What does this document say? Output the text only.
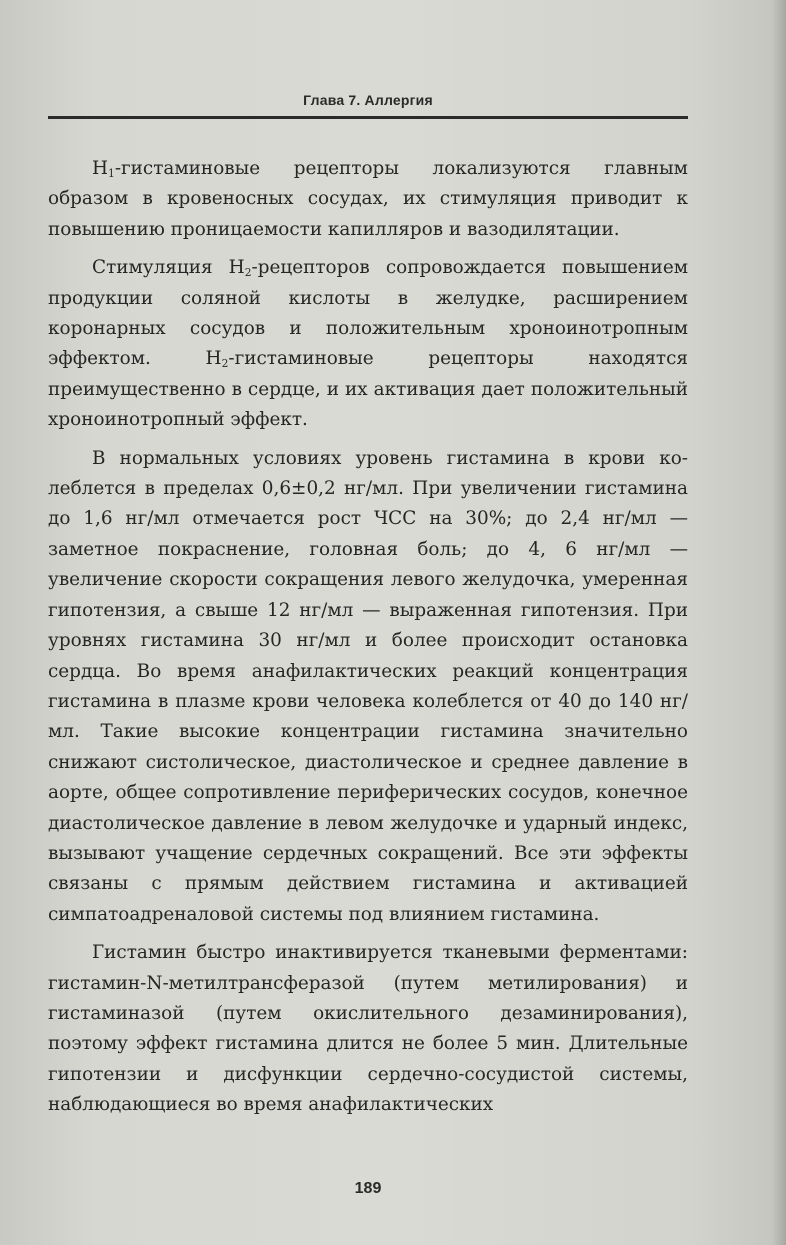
Глава 7. Аллергия

$H_1$-гистаминовые рецепторы локализуются главным образом в кровеносных сосудах, их стимуляция приводит к повышению проницаемости капилляров и вазодилятации.

Стимуляция $H_2$-рецепторов сопровождается повышением продукции соляной кислоты в желудке, расширением коронарных сосудов и положительным хроноинотропным эффектом. $H_2$-гистаминовые рецепторы находятся преимущественно в сердце, и их активация дает положительный хроноинотропный эффект.

В нормальных условиях уровень гистамина в крови колеблется в пределах 0,6±0,2 нг/мл. При увеличении гистамина до 1,6 нг/мл отмечается рост ЧСС на 30%; до 2,4 нг/​мл — заметное покраснение, головная боль; до 4, 6 нг/мл — увеличение скорости сокращения левого желудочка, умеренная гипотензия, а свыше 12 нг/мл — выраженная гипотензия. При уровнях гистамина 30 нг/мл и более происходит остановка сердца. Во время анафилактических реакций концентрация гистамина в плазме крови человека колеблется от 40 до 140 нг/мл. Такие высокие концентрации гистамина значительно снижают систолическое, диастолическое и среднее давление в аорте, общее сопротивление периферических сосудов, конечное диастолическое давление в левом желудочке и ударный индекс, вызывают учащение сердечных сокращений. Все эти эффекты связаны с прямым действием гистамина и активацией симпатоадреналовой системы под влиянием гистамина.

Гистамин быстро инактивируется тканевыми ферментами: гистамин-N-метилтрансферазой (путем метилирования) и гистаминазой (путем окислительного дезаминирования), поэтому эффект гистамина длится не более 5 мин. Длительные гипотензии и дисфункции сердечно-сосудистой системы, наблюдающиеся во время анафилактических

189
